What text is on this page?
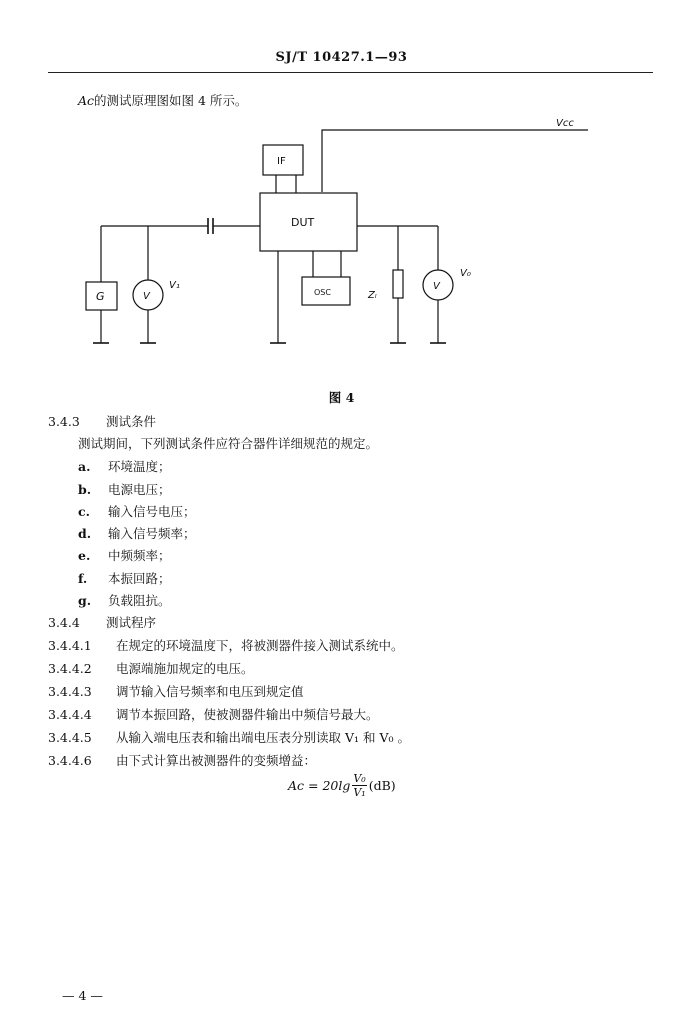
SJ/T 10427.1—93
Ac的测试原理图如图 4 所示。
Vcc
IF
DUT
G	V
V₁
OSC	Zₗ
V
V₀
图 4
3.4.3 测试条件
测试期间，下列测试条件应符合器件详细规范的规定。
a. 环境温度；
b. 电源电压；
c. 输入信号电压；
d. 输入信号频率；
e. 中频频率；
f. 本振回路；
g. 负载阻抗。
3.4.4 测试程序
3.4.4.1 在规定的环境温度下，将被测器件接入测试系统中。
3.4.4.2 电源端施加规定的电压。
3.4.4.3 调节输入信号频率和电压到规定值
3.4.4.4 调节本振回路，使被测器件输出中频信号最大。
3.4.4.5 从输入端电压表和输出端电压表分别读取 V₁ 和 V₀ 。
3.4.4.6 由下式计算出被测器件的变频增益：
$Ac = 20\lg \frac{\text{V₀}}{\text{V₁}} (dB)$
— 4 —
